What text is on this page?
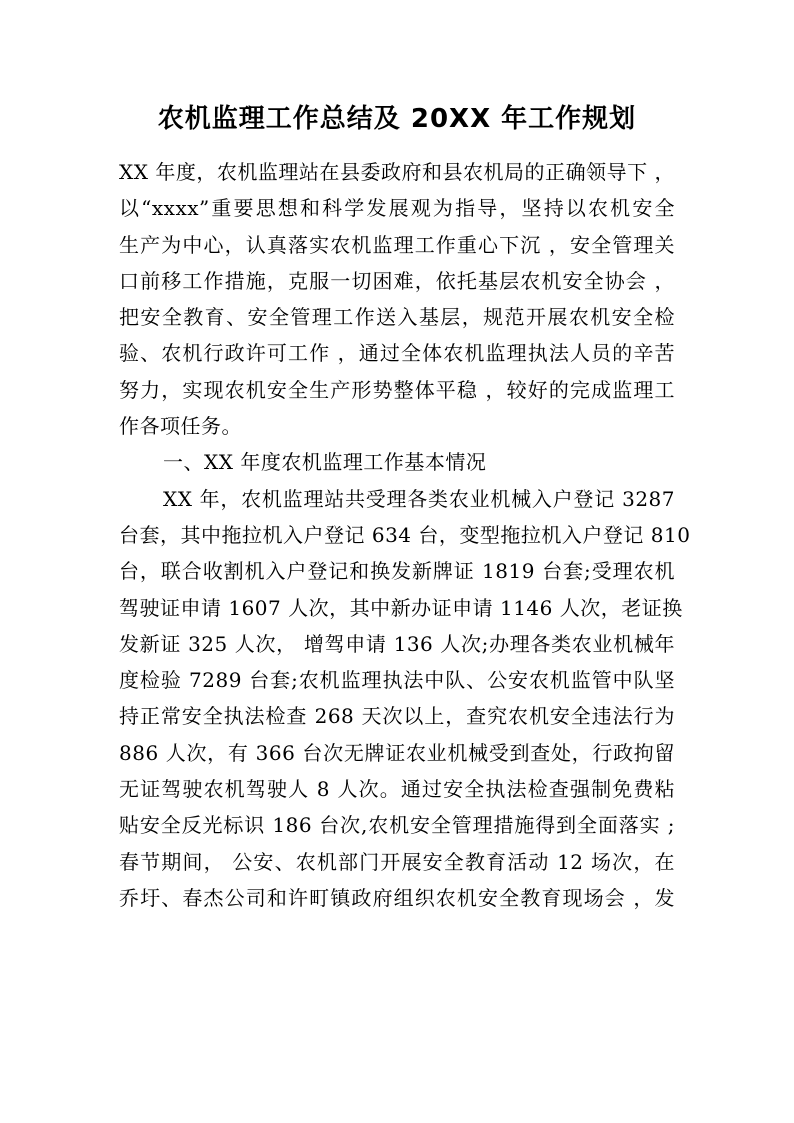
农机监理工作总结及 20XX 年工作规划
XX 年度，农机监理站在县委政府和县农机局的正确领导下 ，
以“xxxx”重要思想和科学发展观为指导，坚持以农机安全
生产为中心，认真落实农机监理工作重心下沉 ，安全管理关
口前移工作措施，克服一切困难，依托基层农机安全协会 ，
把安全教育、安全管理工作送入基层，规范开展农机安全检
验、农机行政许可工作 ，通过全体农机监理执法人员的辛苦
努力，实现农机安全生产形势整体平稳 ，较好的完成监理工
作各项任务。
一、XX 年度农机监理工作基本情况
XX 年，农机监理站共受理各类农业机械入户登记 3287
台套，其中拖拉机入户登记 634 台，变型拖拉机入户登记 810
台，联合收割机入户登记和换发新牌证 1819 台套;受理农机
驾驶证申请 1607 人次，其中新办证申请 1146 人次，老证换
发新证 325 人次， 增驾申请 136 人次;办理各类农业机械年
度检验 7289 台套;农机监理执法中队、公安农机监管中队坚
持正常安全执法检查 268 天次以上，查究农机安全违法行为
886 人次，有 366 台次无牌证农业机械受到查处，行政拘留
无证驾驶农机驾驶人 8 人次。通过安全执法检查强制免费粘
贴安全反光标识 186 台次,农机安全管理措施得到全面落实 ;
春节期间， 公安、农机部门开展安全教育活动 12 场次，在
乔圩、春杰公司和许町镇政府组织农机安全教育现场会 ，发
